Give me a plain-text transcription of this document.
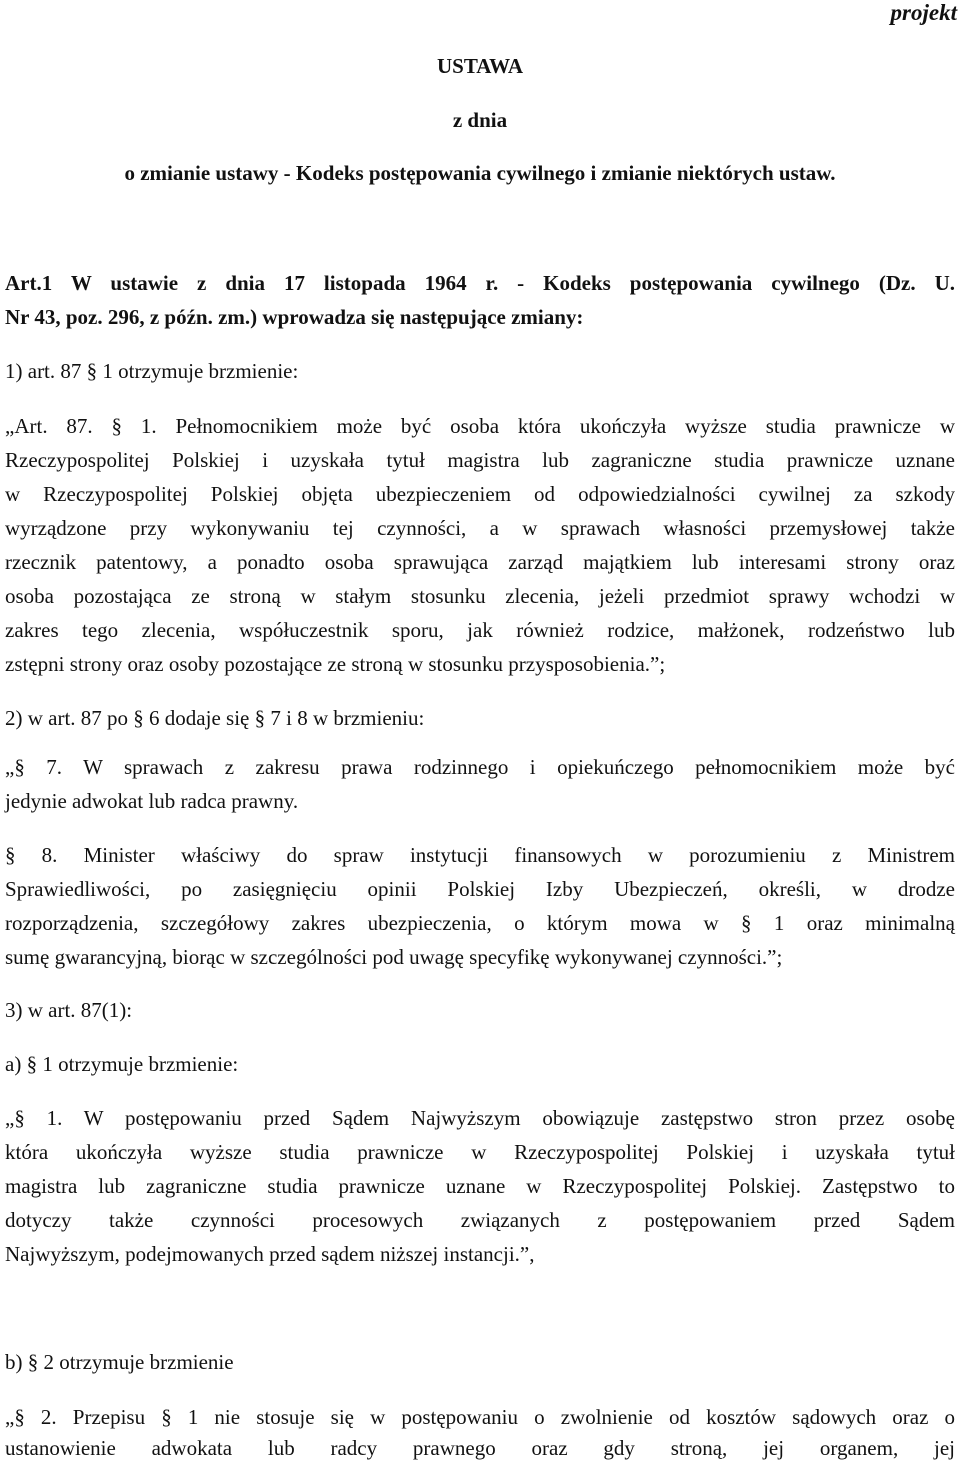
projekt
USTAWA
z dnia
o zmianie ustawy - Kodeks postępowania cywilnego i zmianie niektórych ustaw.
Art.1 W ustawie z dnia 17 listopada 1964 r. - Kodeks postępowania cywilnego (Dz. U.
Nr 43, poz. 296, z późn. zm.) wprowadza się następujące zmiany:
1) art. 87 § 1 otrzymuje brzmienie:
„Art. 87. § 1. Pełnomocnikiem może być osoba która ukończyła wyższe studia prawnicze w
Rzeczypospolitej Polskiej i uzyskała tytuł magistra lub zagraniczne studia prawnicze uznane
w Rzeczypospolitej Polskiej objęta ubezpieczeniem od odpowiedzialności cywilnej za szkody
wyrządzone przy wykonywaniu tej czynności, a w sprawach własności przemysłowej także
rzecznik patentowy, a ponadto osoba sprawująca zarząd majątkiem lub interesami strony oraz
osoba pozostająca ze stroną w stałym stosunku zlecenia, jeżeli przedmiot sprawy wchodzi w
zakres tego zlecenia, współuczestnik sporu, jak również rodzice, małżonek, rodzeństwo lub
zstępni strony oraz osoby pozostające ze stroną w stosunku przysposobienia.”;
2) w art. 87 po § 6 dodaje się § 7 i 8 w brzmieniu:
„§ 7. W sprawach z zakresu prawa rodzinnego i opiekuńczego pełnomocnikiem może być
jedynie adwokat lub radca prawny.
§ 8. Minister właściwy do spraw instytucji finansowych w porozumieniu z Ministrem
Sprawiedliwości, po zasięgnięciu opinii Polskiej Izby Ubezpieczeń, określi, w drodze
rozporządzenia, szczegółowy zakres ubezpieczenia, o którym mowa w § 1 oraz minimalną
sumę gwarancyjną, biorąc w szczególności pod uwagę specyfikę wykonywanej czynności.”;
3) w art. 87(1):
a) § 1 otrzymuje brzmienie:
„§ 1. W postępowaniu przed Sądem Najwyższym obowiązuje zastępstwo stron przez osobę
która ukończyła wyższe studia prawnicze w Rzeczypospolitej Polskiej i uzyskała tytuł
magistra lub zagraniczne studia prawnicze uznane w Rzeczypospolitej Polskiej. Zastępstwo to
dotyczy także czynności procesowych związanych z postępowaniem przed Sądem
Najwyższym, podejmowanych przed sądem niższej instancji.”,
b) § 2 otrzymuje brzmienie
„§ 2. Przepisu § 1 nie stosuje się w postępowaniu o zwolnienie od kosztów sądowych oraz o
ustanowienie adwokata lub radcy prawnego oraz gdy stroną, jej organem, jej
